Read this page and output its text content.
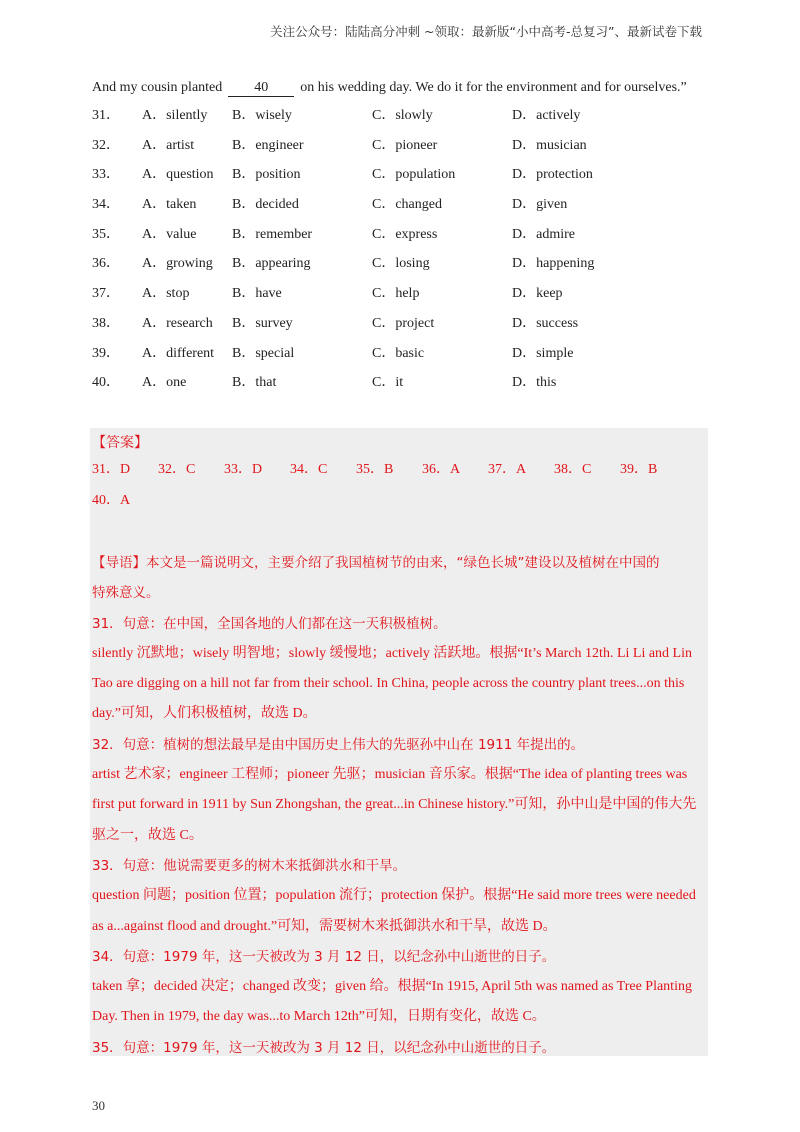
关注公众号：陆陆高分冲刺 ~领取：最新版“小中高考-总复习”、最新试卷下载
And my cousin planted 40 on his wedding day. We do it for the environment and for ourselves.”
31．	A．silently	B．wisely	C．slowly	D．actively
32．	A．artist	B．engineer	C．pioneer	D．musician
33．	A．question	B．position	C．population	D．protection
34．	A．taken	B．decided	C．changed	D．given
35．	A．value	B．remember	C．express	D．admire
36．	A．growing	B．appearing	C．losing	D．happening
37．	A．stop	B．have	C．help	D．keep
38．	A．research	B．survey	C．project	D．success
39．	A．different	B．special	C．basic	D．simple
40．	A．one	B．that	C．it	D．this
【答案】
31．D 32．C 33．D 34．C 35．B 36．A 37．A 38．C 39．B
40．A

【导语】本文是一篇说明文，主要介绍了我国植树节的由来，“绿色长城”建设以及植树在中国的

特殊意义。

31．句意：在中国，全国各地的人们都在这一天积极植树。

silently 沉默地；wisely 明智地；slowly 缓慢地；actively 活跃地。根据“It’s March 12th. Li Li and Lin

Tao are digging on a hill not far from their school. In China, people across the country plant trees...on this

day.”可知，人们积极植树，故选 D。

32．句意：植树的想法最早是由中国历史上伟大的先驱孙中山在 1911 年提出的。

artist 艺术家；engineer 工程师；pioneer 先驱；musician 音乐家。根据“The idea of planting trees was

first put forward in 1911 by Sun Zhongshan, the great...in Chinese history.”可知，孙中山是中国的伟大先

驱之一，故选 C。

33．句意：他说需要更多的树木来抵御洪水和干旱。

question 问题；position 位置；population 流行；protection 保护。根据“He said more trees were needed

as a...against flood and drought.”可知，需要树木来抵御洪水和干旱，故选 D。

34．句意：1979 年，这一天被改为 3 月 12 日，以纪念孙中山逝世的日子。

taken 拿；decided 决定；changed 改变；given 给。根据“In 1915, April 5th was named as Tree Planting

Day. Then in 1979, the day was...to March 12th”可知，日期有变化，故选 C。

35．句意：1979 年，这一天被改为 3 月 12 日，以纪念孙中山逝世的日子。

30
